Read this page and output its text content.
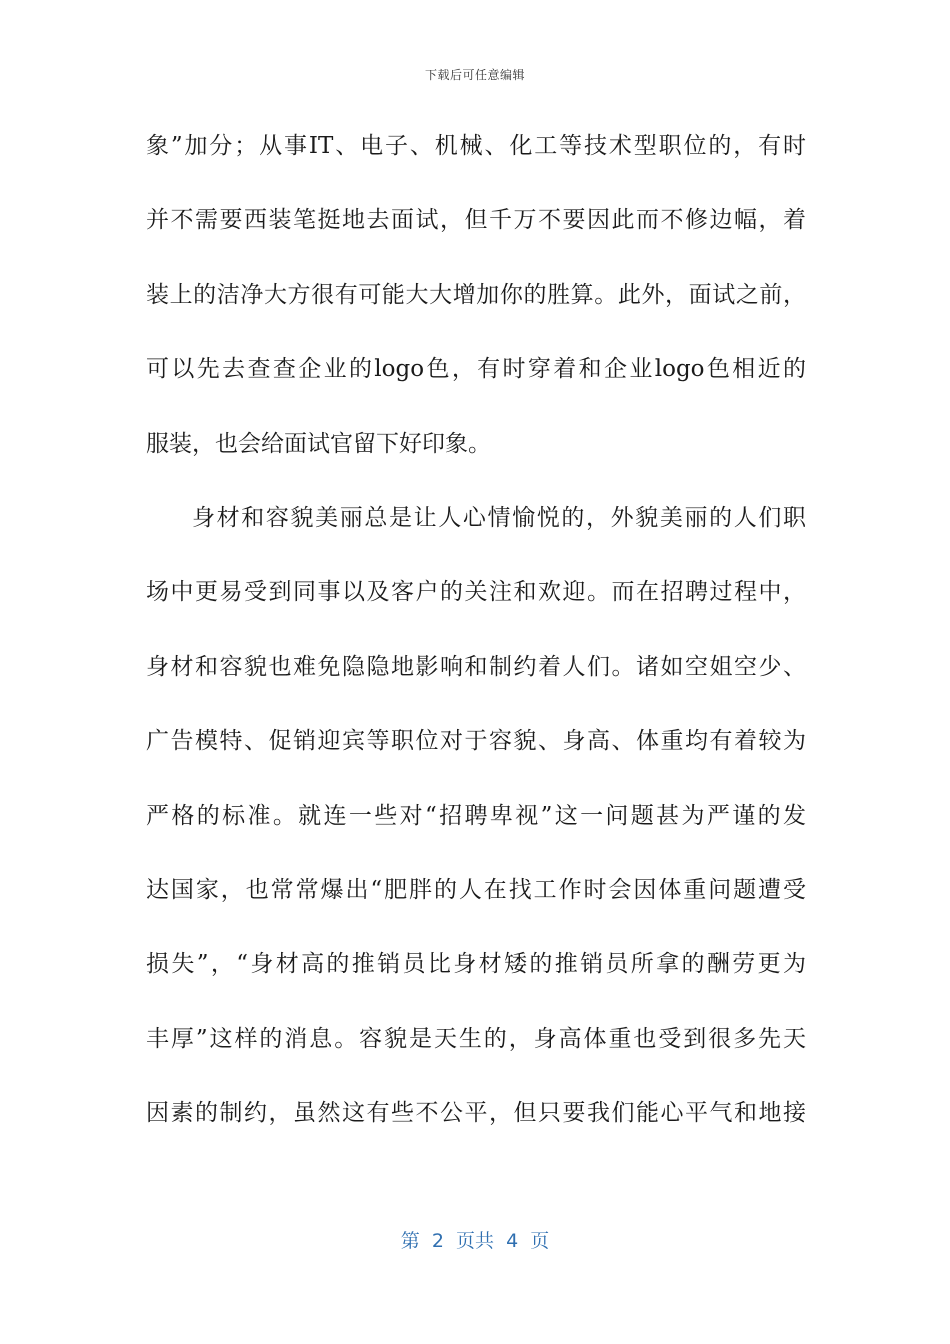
下载后可任意编辑
象”加分；从事IT、电子、机械、化工等技术型职位的，有时
并不需要西装笔挺地去面试，但千万不要因此而不修边幅，着
装上的洁净大方很有可能大大增加你的胜算。此外，面试之前，
可以先去查查企业的logo色，有时穿着和企业logo色相近的
服装，也会给面试官留下好印象。
身材和容貌美丽总是让人心情愉悦的，外貌美丽的人们职
场中更易受到同事以及客户的关注和欢迎。而在招聘过程中，
身材和容貌也难免隐隐地影响和制约着人们。诸如空姐空少、
广告模特、促销迎宾等职位对于容貌、身高、体重均有着较为
严格的标准。就连一些对“招聘卑视”这一问题甚为严谨的发
达国家，也常常爆出“肥胖的人在找工作时会因体重问题遭受
损失”，“身材高的推销员比身材矮的推销员所拿的酬劳更为
丰厚”这样的消息。容貌是天生的，身高体重也受到很多先天
因素的制约，虽然这有些不公平，但只要我们能心平气和地接
第  2  页共  4  页
